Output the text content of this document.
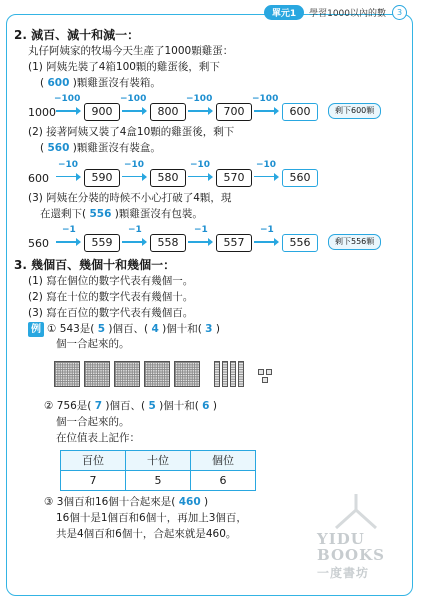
單元1	學習1000以內的數	3

2. 減百、減十和減一：

丸仔阿姨家的牧場今天生產了1000顆雞蛋：

(1) 阿姨先裝了4箱100顆的雞蛋後，剩下

( 600 )顆雞蛋沒有裝箱。

1000
−100
900
−100
800
−100
700
−100
600	剩下600顆

(2) 接著阿姨又裝了4盒10顆的雞蛋後，剩下

( 560 )顆雞蛋沒有裝盒。

600
−10
590
−10
580
−10
570
−10
560

(3) 阿姨在分裝的時候不小心打破了4顆，現

在還剩下( 556 )顆雞蛋沒有包裝。

560
−1
559
−1
558
−1
557
−1
556	剩下556顆

3. 幾個百、幾個十和幾個一：

(1) 寫在個位的數字代表有幾個一。

(2) 寫在十位的數字代表有幾個十。

(3) 寫在百位的數字代表有幾個百。

例 ① 543是( 5 )個百、( 4 )個十和( 3 )

個一合起來的。

② 756是( 7 )個百、( 5 )個十和( 6 )

個一合起來的。

在位值表上記作：

百位	十位	個位
7	5	6

③ 3個百和16個十合起來是( 460 )

16個十是1個百和6個十，再加上3個百，

共是4個百和6個十，合起來就是460。	YIDU
BOOKS
一度書坊
